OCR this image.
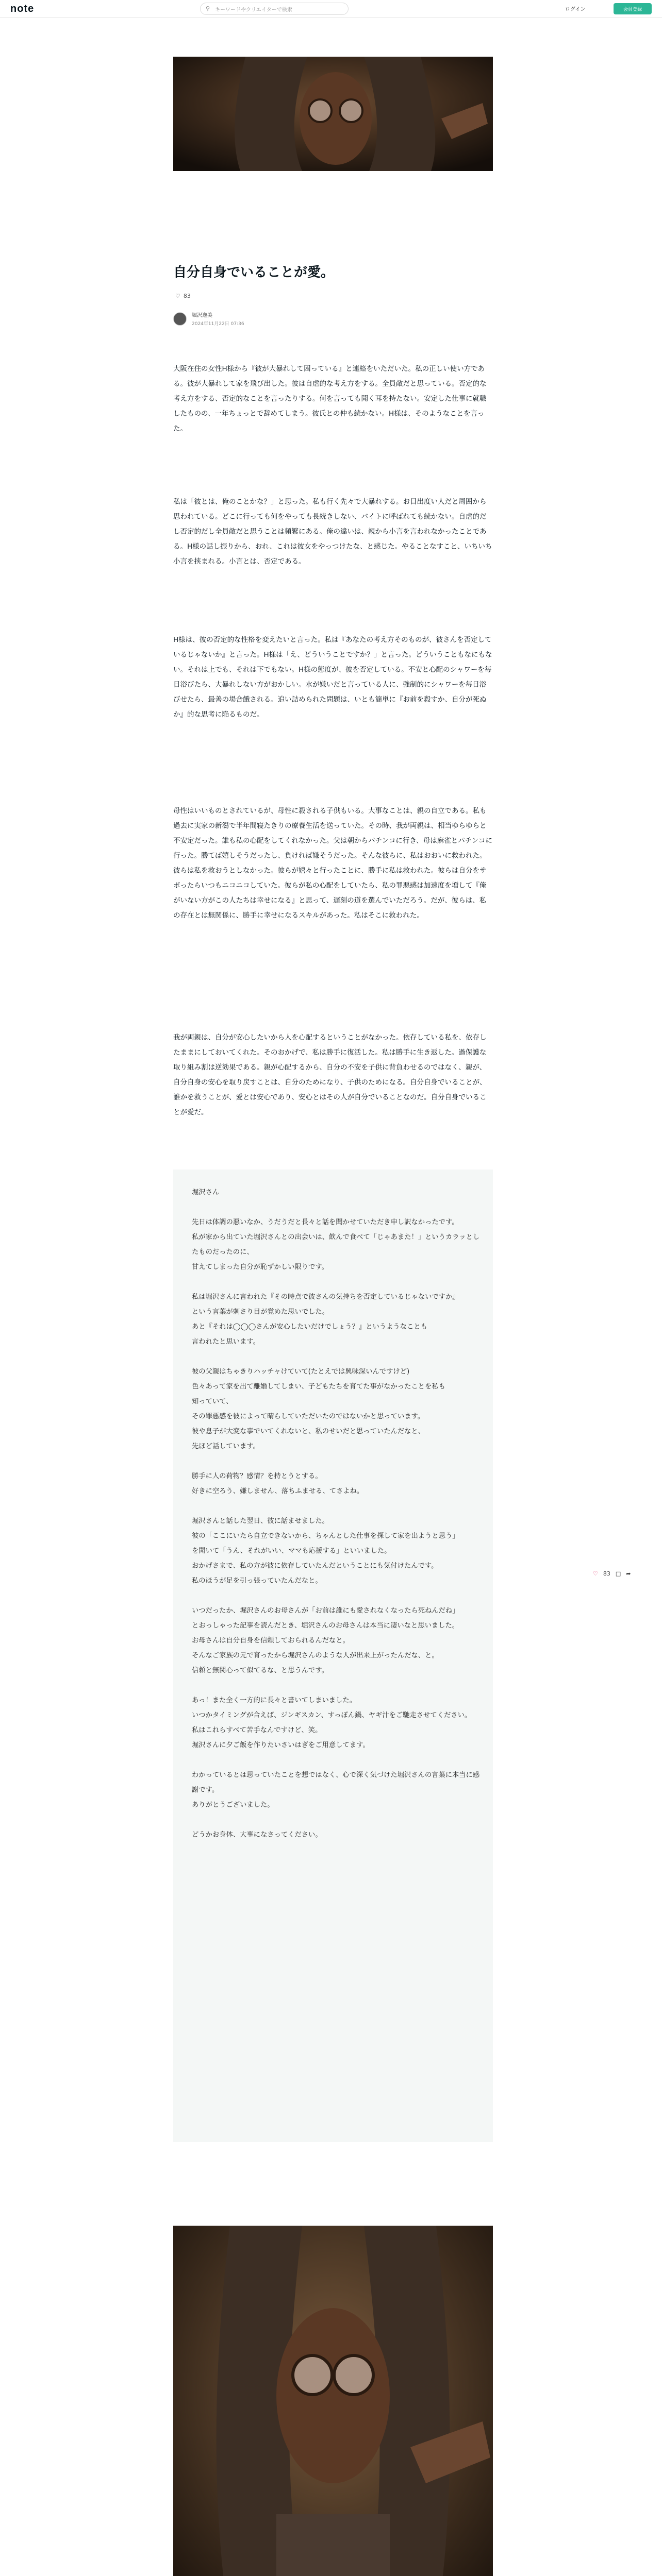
note	⚲ キーワードやクリエイターで検索	ログイン	会員登録
自分自身でいることが愛。
♡ 83
堀沢逸美
2024年11月22日 07:36
大阪在住の女性H様から『彼が大暴れして困っている』と連絡をいただいた。私の正しい使い方である。彼が大暴れして家を飛び出した。彼は自虐的な考え方をする。全員敵だと思っている。否定的な考え方をする、否定的なことを言ったりする。何を言っても聞く耳を持たない。安定した仕事に就職したものの、一年ちょっとで辞めてしまう。彼氏との仲も続かない。H様は、そのようなことを言った。
私は「彼とは、俺のことかな？」と思った。私も行く先々で大暴れする。お目出度い人だと周囲から思われている。どこに行っても何をやっても長続きしない、バイトに呼ばれても続かない。自虐的だし否定的だし全員敵だと思うことは頻繁にある。俺の違いは、親から小言を言われなかったことである。H様の話し振りから、おれ、これは彼女をやっつけたな、と感じた。やることなすこと、いちいち小言を挟まれる。小言とは、否定である。
H様は、彼の否定的な性格を変えたいと言った。私は『あなたの考え方そのものが、彼さんを否定しているじゃないか』と言った。H様は「え、どういうことですか？」と言った。どういうこともなにもない。それは上でも、それは下でもない。H様の態度が、彼を否定している。不安と心配のシャワーを毎日浴びたら、大暴れしない方がおかしい。水が嫌いだと言っている人に、強制的にシャワーを毎日浴びせたら、最善の場合餓される。追い詰められた問題は、いとも簡単に『お前を殺すか、自分が死ぬか』的な思考に陥るものだ。
母性はいいものとされているが、母性に殺される子供もいる。大事なことは、親の自立である。私も過去に実家の新潟で半年間寝たきりの療養生活を送っていた。その時、我が両親は、相当ゆらゆらと不安定だった。誰も私の心配をしてくれなかった。父は朝からパチンコに行き、母は麻雀とパチンコに行った。勝てば嬉しそうだったし、負ければ嫌そうだった。そんな彼らに、私はおおいに救われた。彼らは私を救おうとしなかった。彼らが嬉々と行ったことに、勝手に私は救われた。彼らは自分をサボったらいつもニコニコしていた。彼らが私の心配をしていたら、私の罪悪感は加速度を増して『俺がいない方がこの人たちは幸せになる』と思って、遅刻の道を選んでいただろう。だが、彼らは、私の存在とは無関係に、勝手に幸せになるスキルがあった。私はそこに救われた。
我が両親は、自分が安心したいから人を心配するということがなかった。依存している私を、依存したままにしておいてくれた。そのおかげで、私は勝手に復活した。私は勝手に生き返した。過保護な取り組み割は逆効果である。親が心配するから、自分の不安を子供に背負わせるのではなく、親が、自分自身の安心を取り戻すことは、自分のためになり、子供のためになる。自分自身でいることが、誰かを救うことが、愛とは安心であり、安心とはその人が自分でいることなのだ。自分自身でいることが愛だ。
堀沢さん

先日は体調の悪いなか、うだうだと長々と話を聞かせていただき申し訳なかったです。
私が家から出ていた堀沢さんとの出会いは、飲んで食べて「じゃあまた！」というカラッとしたものだったのに、
甘えてしまった自分が恥ずかしい限りです。

私は堀沢さんに言われた『その時点で彼さんの気持ちを否定しているじゃないですか』
という言葉が刺さり目が覚めた思いでした。
あと『それは◯◯◯さんが安心したいだけでしょう？』というようなことも
言われたと思います。

彼の父親はちゃきりハッチャけていて(たとえでは興味深いんですけど)
色々あって家を出て離婚してしまい、子どもたちを育てた事がなかったことを私も
知っていて、
その罪悪感を彼によって晴らしていただいたのではないかと思っています。
彼や息子が大変な事でいてくれないと、私のせいだと思っていたんだなと、
先ほど話しています。

勝手に人の荷物？感情？を持とうとする。
好きに空ろう、嫌しません、落ちふませる、てさよね。

堀沢さんと話した翌日、彼に話ませました。
彼の「ここにいたら自立できないから、ちゃんとした仕事を探して家を出ようと思う」
を聞いて「うん、それがいい、ママも応援する」といいました。
おかげさまで、私の方が彼に依存していたんだということにも気付けたんです。
私のほうが足を引っ張っていたんだなと。

いつだったか、堀沢さんのお母さんが「お前は誰にも愛されなくなったら死ねんだね」
とおっしゃった記事を読んだとき、堀沢さんのお母さんは本当に凄いなと思いました。
お母さんは自分自身を信頼しておられるんだなと。
そんなご家族の元で育ったから堀沢さんのような人が出来上がったんだな、と。
信頼と無関心って似てるな、と思うんです。

あっ！また全く一方的に長々と書いてしまいました。
いつかタイミングが合えば、ジンギスカン、すっぽん鍋、ヤギ汁をご馳走させてください。
私はこれらすべて苦手なんですけど、笑。
堀沢さんに夕ご飯を作りたいさいはぎをご用意してます。

わかっているとは思っていたことを想ではなく、心で深く気づけた堀沢さんの言葉に本当に感謝です。
ありがとうございました。

どうかお身体、大事になさってください。
♡ 83 □ ➦
